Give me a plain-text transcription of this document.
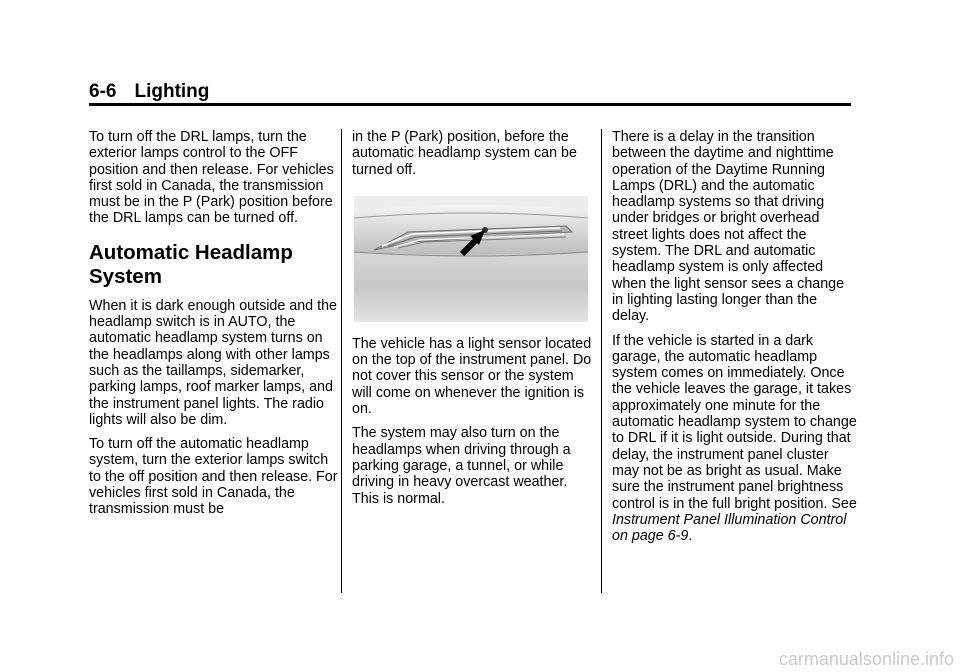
6-6 Lighting

To turn off the DRL lamps, turn the exterior lamps control to the OFF position and then release. For vehicles first sold in Canada, the transmission must be in the P (Park) position before the DRL lamps can be turned off.

Automatic Headlamp System

When it is dark enough outside and the headlamp switch is in AUTO, the automatic headlamp system turns on the headlamps along with other lamps such as the taillamps, sidemarker, parking lamps, roof marker lamps, and the instrument panel lights. The radio lights will also be dim.

To turn off the automatic headlamp system, turn the exterior lamps switch to the off position and then release. For vehicles first sold in Canada, the transmission must be

in the P (Park) position, before the automatic headlamp system can be turned off.

The vehicle has a light sensor located on the top of the instrument panel. Do not cover this sensor or the system will come on whenever the ignition is on.

The system may also turn on the headlamps when driving through a parking garage, a tunnel, or while driving in heavy overcast weather. This is normal.

There is a delay in the transition between the daytime and nighttime operation of the Daytime Running Lamps (DRL) and the automatic headlamp systems so that driving under bridges or bright overhead street lights does not affect the system. The DRL and automatic headlamp system is only affected when the light sensor sees a change in lighting lasting longer than the delay.

If the vehicle is started in a dark garage, the automatic headlamp system comes on immediately. Once the vehicle leaves the garage, it takes approximately one minute for the automatic headlamp system to change to DRL if it is light outside. During that delay, the instrument panel cluster may not be as bright as usual. Make sure the instrument panel brightness control is in the full bright position. See Instrument Panel Illumination Control on page 6-9.

carmanualsonline.info
